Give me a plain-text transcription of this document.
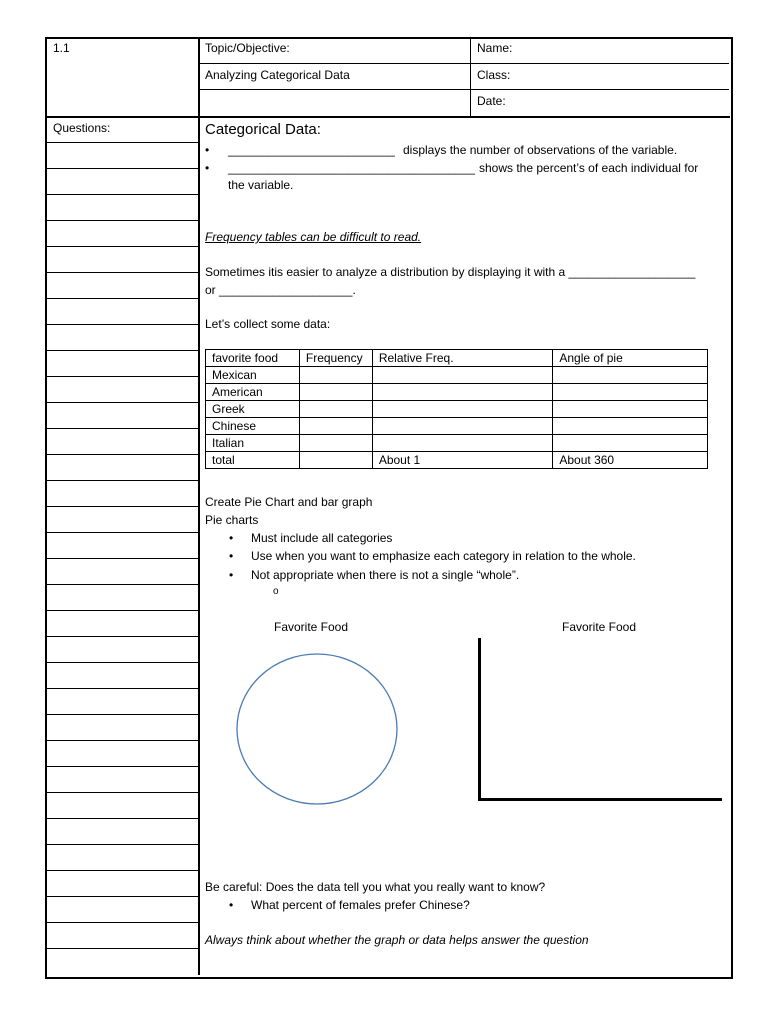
1.1	Topic/Objective:
Analyzing Categorical Data
Name:
Class:
Date:
Questions:	Categorical Data:
• _________________________ displays the number of observations of the variable.
• _____________________________________ shows the percent’s of each individual for
the variable.
Frequency tables can be difficult to read.
Sometimes itis easier to analyze a distribution by displaying it with a ___________________
or ____________________.
Let’s collect some data:
favorite food	Frequency	Relative Freq.	Angle of pie
Mexican			
American			
Greek			
Chinese			
Italian			
total		About 1	About 360
Create Pie Chart and bar graph
Pie charts
• Must include all categories
• Use when you want to emphasize each category in relation to the whole.
• Not appropriate when there is not a single “whole”.
o
Favorite Food	Favorite Food
Be careful: Does the data tell you what you really want to know?
• What percent of females prefer Chinese?
Always think about whether the graph or data helps answer the question
